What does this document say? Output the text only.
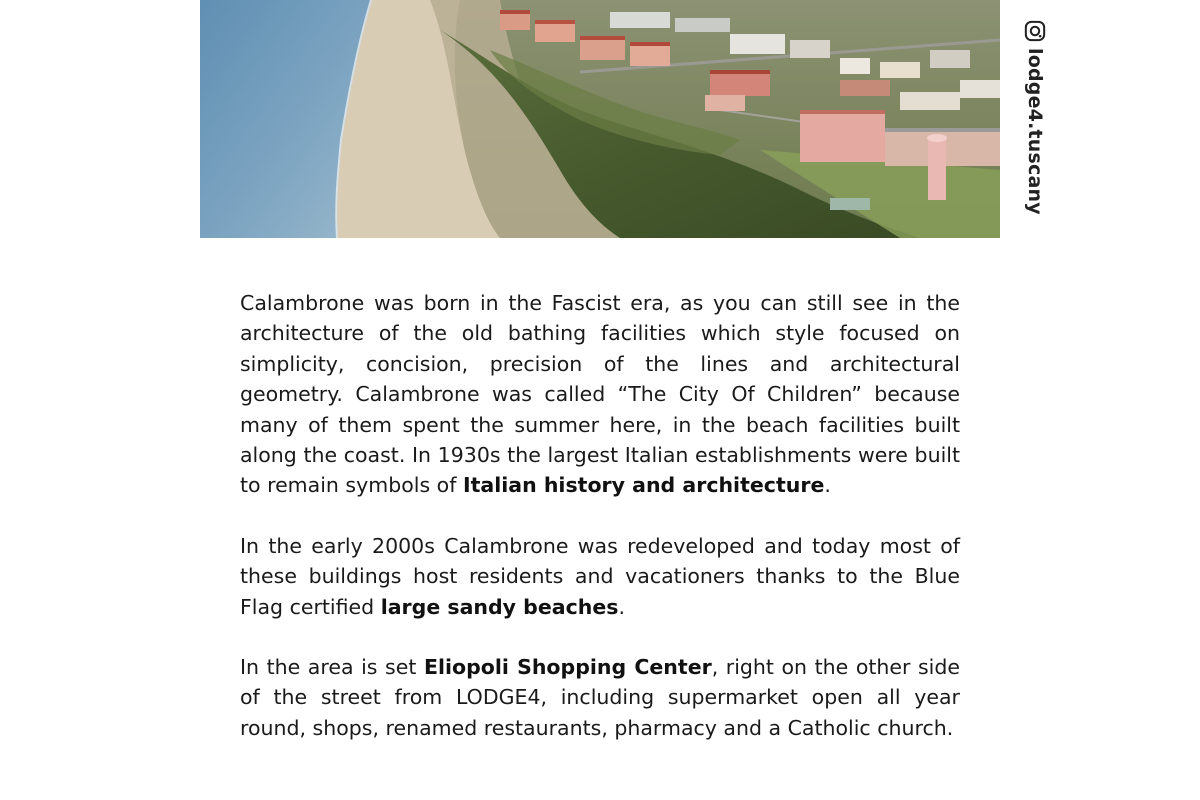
lodge4.tuscany

Calambrone was born in the Fascist era, as you can still see in the architecture of the old bathing facilities which style focused on simplicity, concision, precision of the lines and architectural geometry. Calambrone was called “The City Of Children” because many of them spent the summer here, in the beach facilities built along the coast. In 1930s the largest Italian establishments were built to remain symbols of Italian history and architecture.

In the early 2000s Calambrone was redeveloped and today most of these buildings host residents and vacationers thanks to the Blue Flag certified large sandy beaches.

In the area is set Eliopoli Shopping Center, right on the other side of the street from LODGE4, including supermarket open all year round, shops, renamed restaurants, pharmacy and a Catholic church.
